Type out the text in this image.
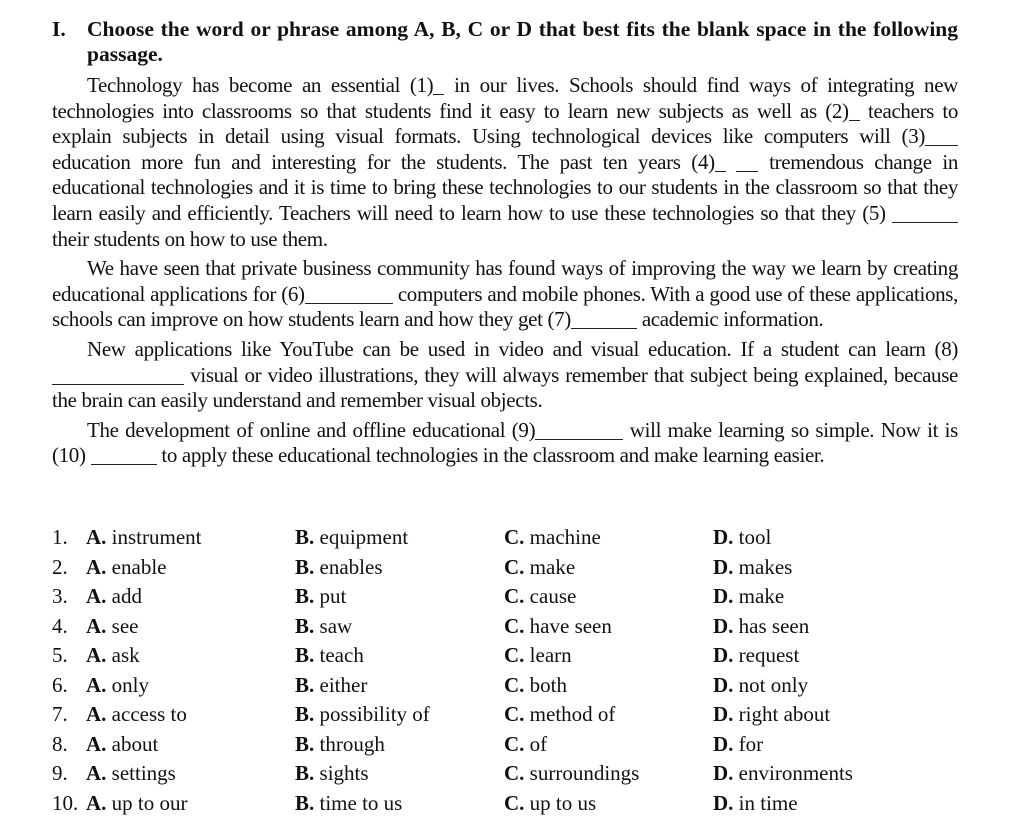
I. Choose the word or phrase among A, B, C or D that best fits the blank space in the following passage.

Technology has become an essential (1) in our lives. Schools should find ways of integrating new technologies into classrooms so that students find it easy to learn new subjects as well as (2) teachers to explain subjects in detail using visual formats. Using technological devices like computers will (3) education more fun and interesting for the students. The past ten years (4)  tremendous change in educational technologies and it is time to bring these technologies to our students in the classroom so that they learn easily and efficiently. Teachers will need to learn how to use these technologies so that they (5)  their students on how to use them.

We have seen that private business community has found ways of improving the way we learn by creating educational applications for (6)	computers and mobile phones. With a good use of these applications, schools can improve on how students learn and how they get (7)	academic information.

New applications like YouTube can be used in video and visual education. If a student can learn (8) visual or video illustrations, they will always remember that subject being explained, because the brain can easily understand and remember visual objects.

The development of online and offline educational (9)	will make learning so simple. Now it is (10)	to apply these educational technologies in the classroom and make learning easier.

1. A. instrument	B. equipment	C. machine	D. tool
2. A. enable	B. enables	C. make	D. makes
3. A. add	B. put	C. cause	D. make
4. A. see	B. saw	C. have seen	D. has seen
5. A. ask	B. teach	C. learn	D. request
6. A. only	B. either	C. both	D. not only
7. A. access to	B. possibility of	C. method of	D. right about
8. A. about	B. through	C. of	D. for
9. A. settings	B. sights	C. surroundings	D. environments
10. A. up to our	B. time to us	C. up to us	D. in time
